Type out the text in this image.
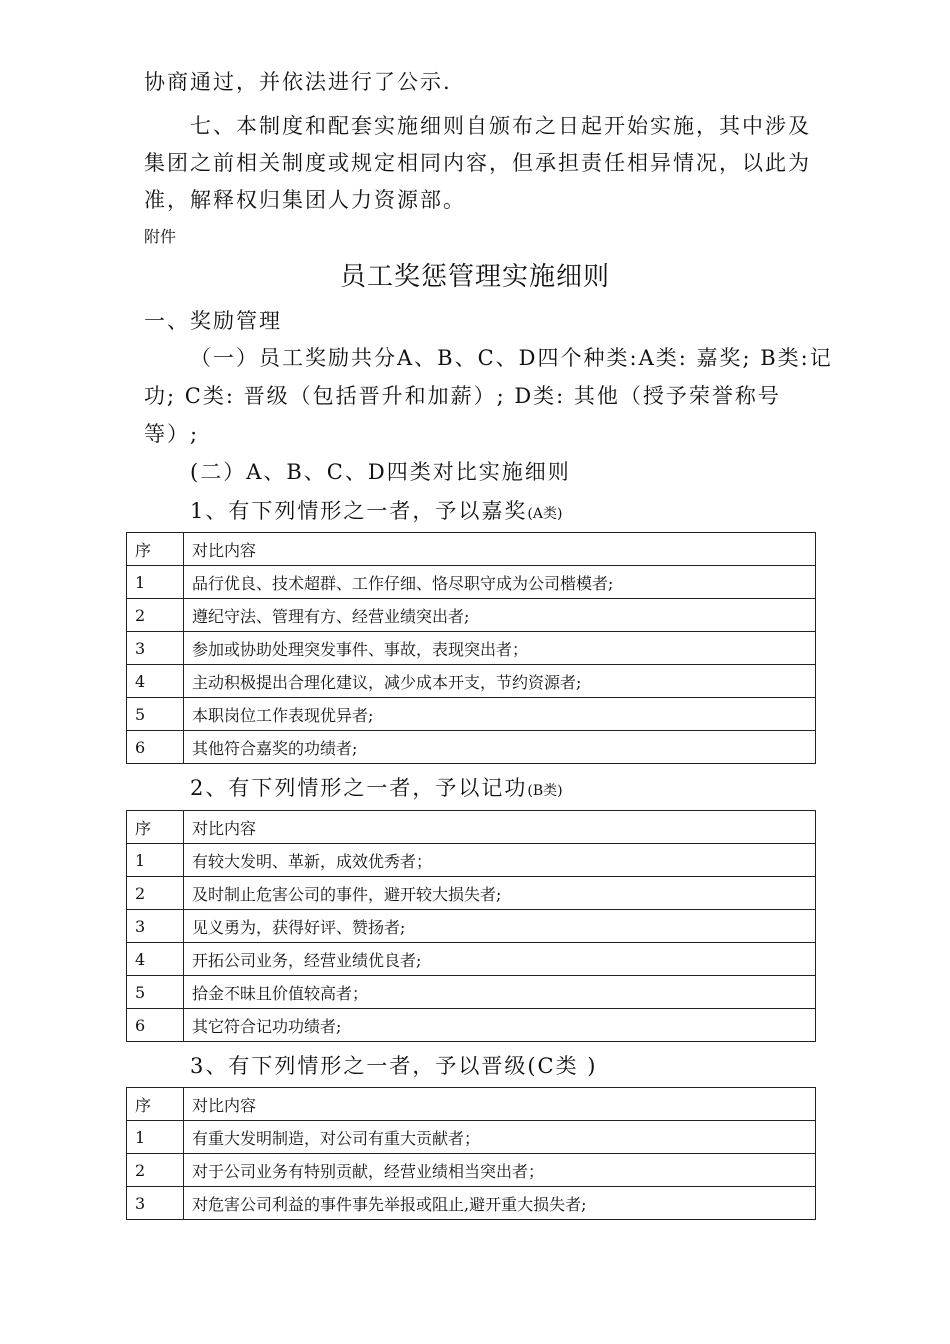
协商通过，并依法进行了公示.

七、本制度和配套实施细则自颁布之日起开始实施，其中涉及

集团之前相关制度或规定相同内容，但承担责任相异情况，以此为

准，解释权归集团人力资源部。

附件

员工奖惩管理实施细则

一、奖励管理

（一）员工奖励共分A、B、C、D四个种类:A类: 嘉奖; B类:记

功; C类: 晋级（包括晋升和加薪）; D类: 其他（授予荣誉称号

等）;

(二）A、B、C、D四类对比实施细则

1、有下列情形之一者，予以嘉奖(A类)

序	对比内容
1	品行优良、技术超群、工作仔细、恪尽职守成为公司楷模者;
2	遵纪守法、管理有方、经营业绩突出者;
3	参加或协助处理突发事件、事故，表现突出者；
4	主动积极提出合理化建议，减少成本开支，节约资源者;
5	本职岗位工作表现优异者;
6	其他符合嘉奖的功绩者;

2、有下列情形之一者，予以记功(B类)

序	对比内容
1	有较大发明、革新，成效优秀者；
2	及时制止危害公司的事件，避开较大损失者;
3	见义勇为，获得好评、赞扬者;
4	开拓公司业务，经营业绩优良者;
5	拾金不昧且价值较高者；
6	其它符合记功功绩者;

3、有下列情形之一者，予以晋级(C类 )

序	对比内容
1	有重大发明制造，对公司有重大贡献者；
2	对于公司业务有特别贡献，经营业绩相当突出者；
3	对危害公司利益的事件事先举报或阻止,避开重大损失者;
